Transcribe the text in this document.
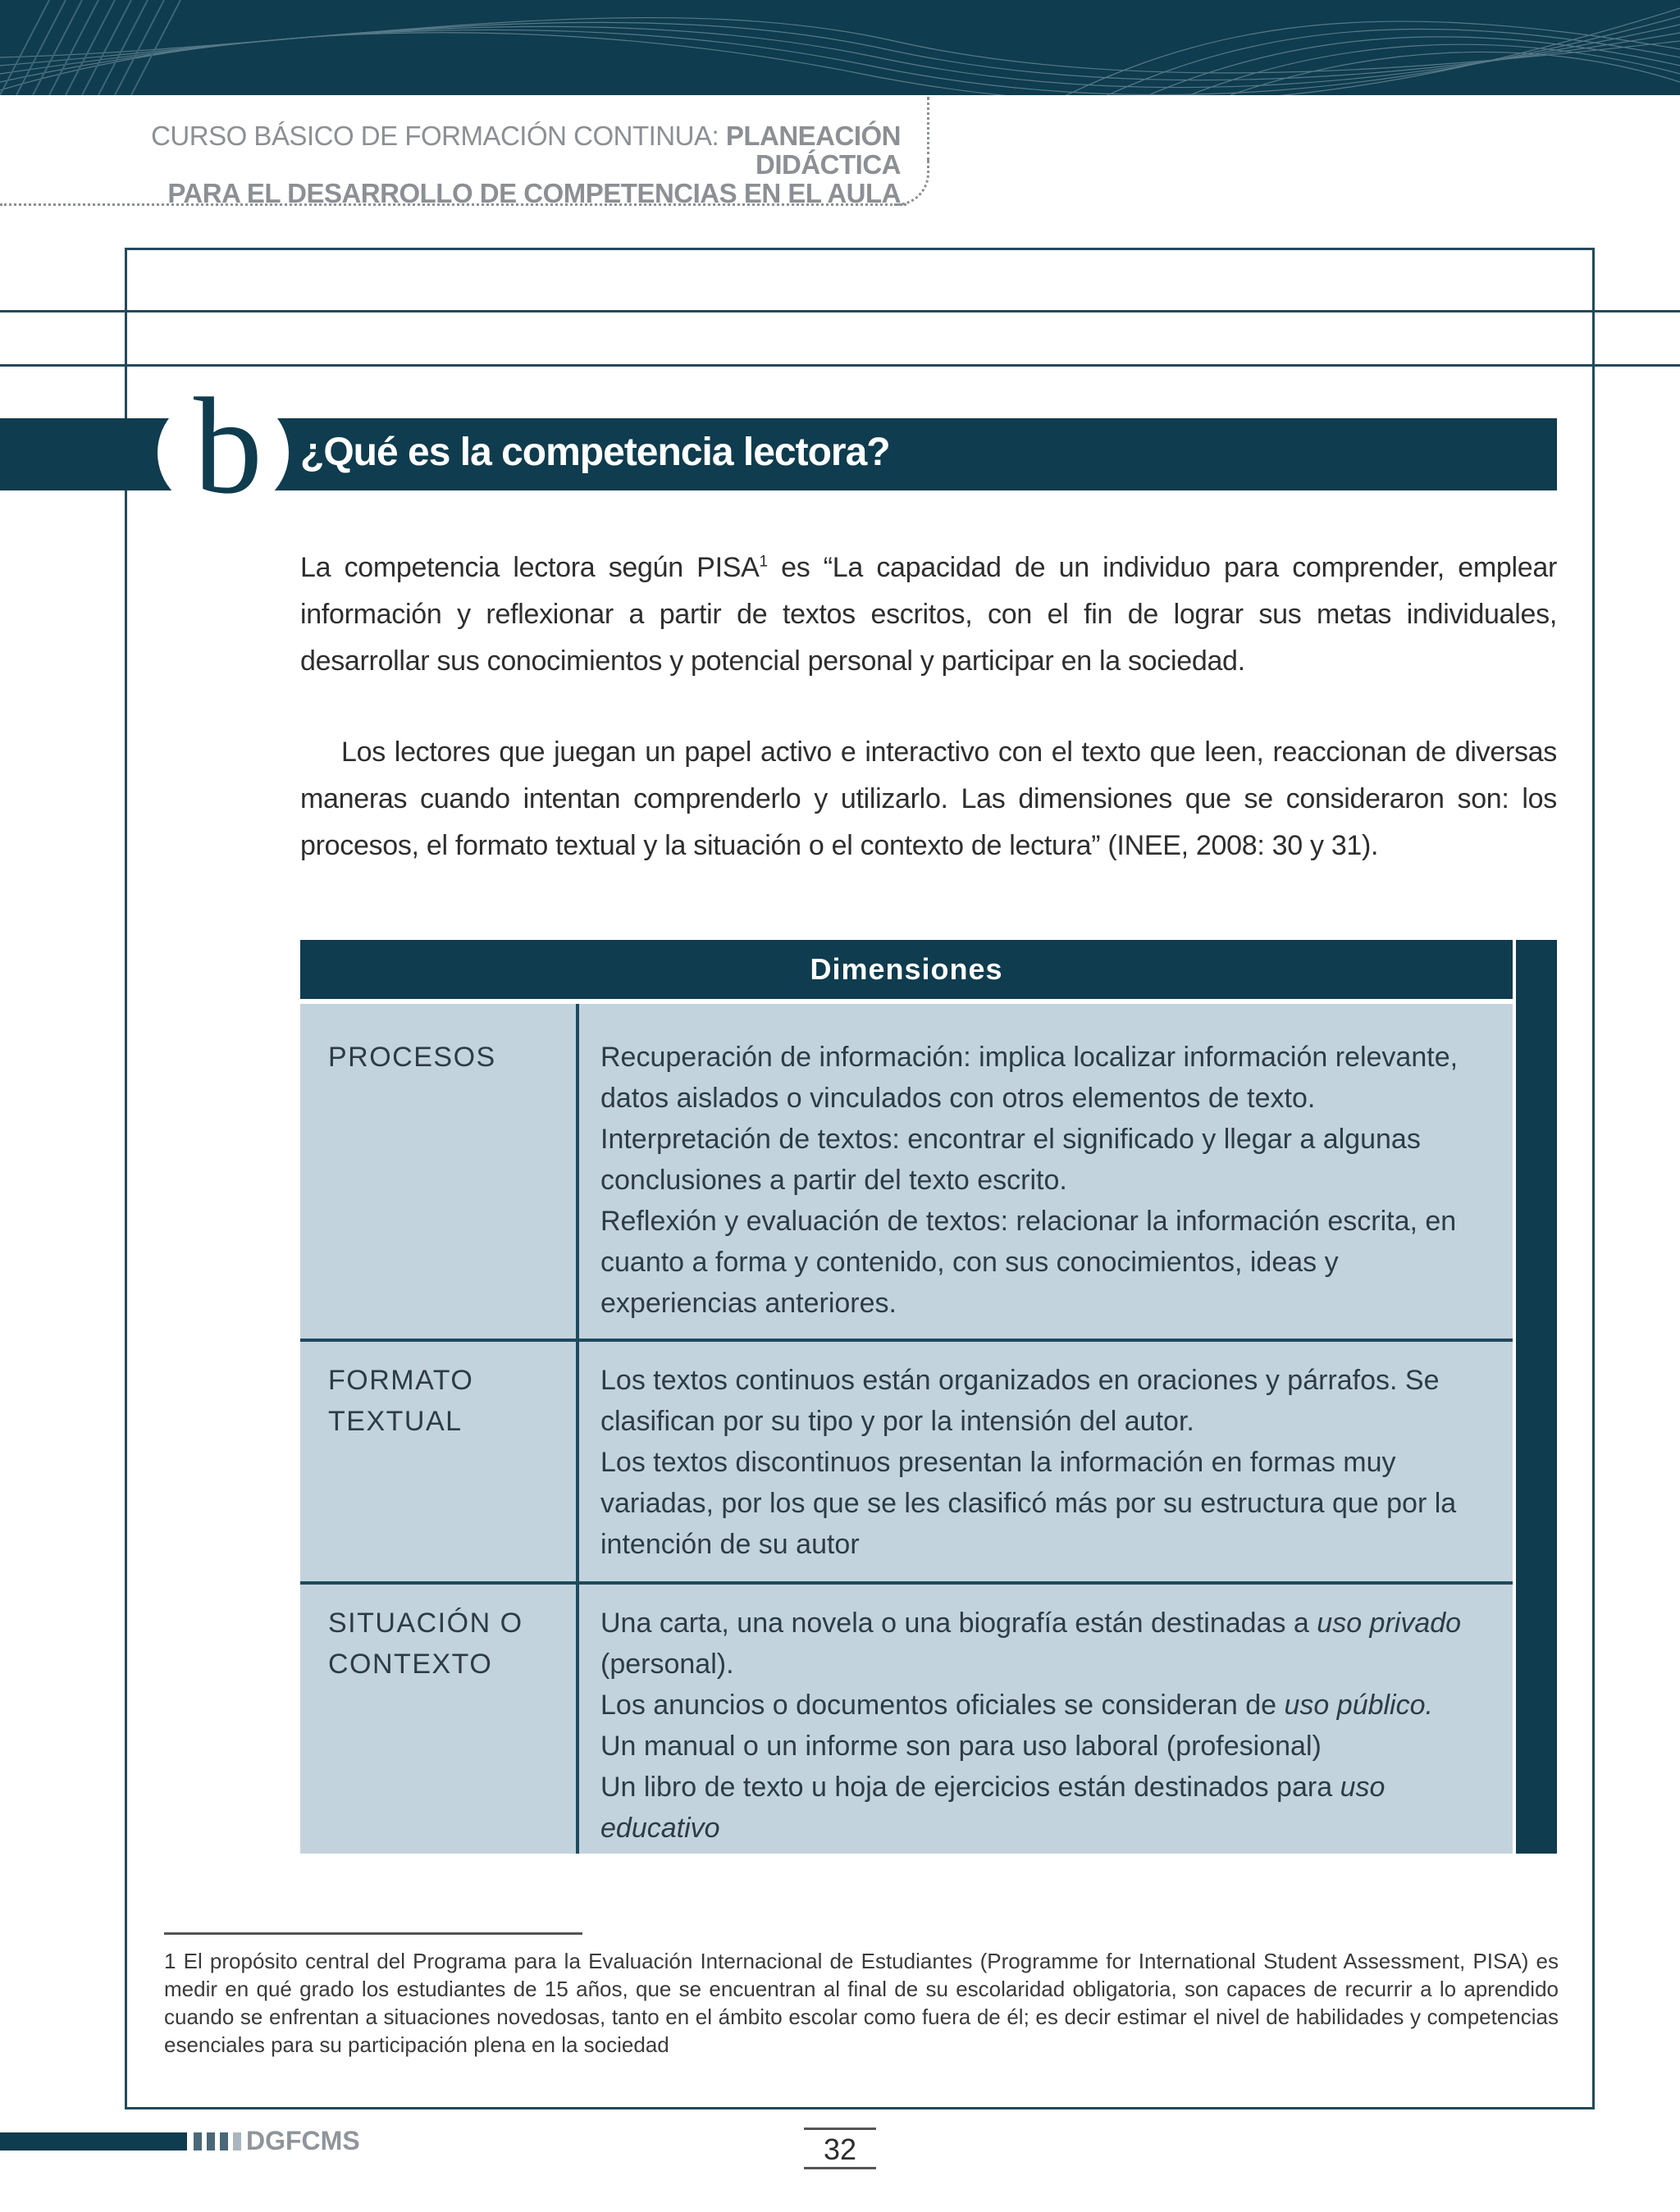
CURSO BÁSICO DE FORMACIÓN CONTINUA: PLANEACIÓN DIDÁCTICA
PARA EL DESARROLLO DE COMPETENCIAS EN EL AULA
b ¿Qué es la competencia lectora?
La competencia lectora según PISA$^1$ es “La capacidad de un individuo para comprender, emplear información y reflexionar a partir de textos escritos, con el fin de lograr sus metas individuales, desarrollar sus conocimientos y potencial personal y participar en la sociedad.
Los lectores que juegan un papel activo e interactivo con el texto que leen, reaccionan de diversas maneras cuando intentan comprenderlo y utilizarlo. Las dimensiones que se consideraron son: los procesos, el formato textual y la situación o el contexto de lectura” (INEE, 2008: 30 y 31).
Dimensiones
PROCESOS	Recuperación de información: implica localizar información relevante, datos aislados o vinculados con otros elementos de texto.
Interpretación de textos: encontrar el significado y llegar a algunas conclusiones a partir del texto escrito.
Reflexión y evaluación de textos: relacionar la información escrita, en cuanto a forma y contenido, con sus conocimientos, ideas y experiencias anteriores.
FORMATO TEXTUAL
Los textos continuos están organizados en oraciones y párrafos. Se clasifican por su tipo y por la intensión del autor.
Los textos discontinuos presentan la información en formas muy variadas, por los que se les clasificó más por su estructura que por la intención de su autor
SITUACIÓN O CONTEXTO
Una carta, una novela o una biografía están destinadas a uso privado (personal).
Los anuncios o documentos oficiales se consideran de uso público.
Un manual o un informe son para uso laboral (profesional)
Un libro de texto u hoja de ejercicios están destinados para uso educativo
1 El propósito central del Programa para la Evaluación Internacional de Estudiantes (Programme for International Student Assessment, PISA) es medir en qué grado los estudiantes de 15 años, que se encuentran al final de su escolaridad obligatoria, son capaces de recurrir a lo aprendido cuando se enfrentan a situaciones novedosas, tanto en el ámbito escolar como fuera de él; es decir estimar el nivel de habilidades y competencias esenciales para su participación plena en la sociedad
DGFCMS	32
